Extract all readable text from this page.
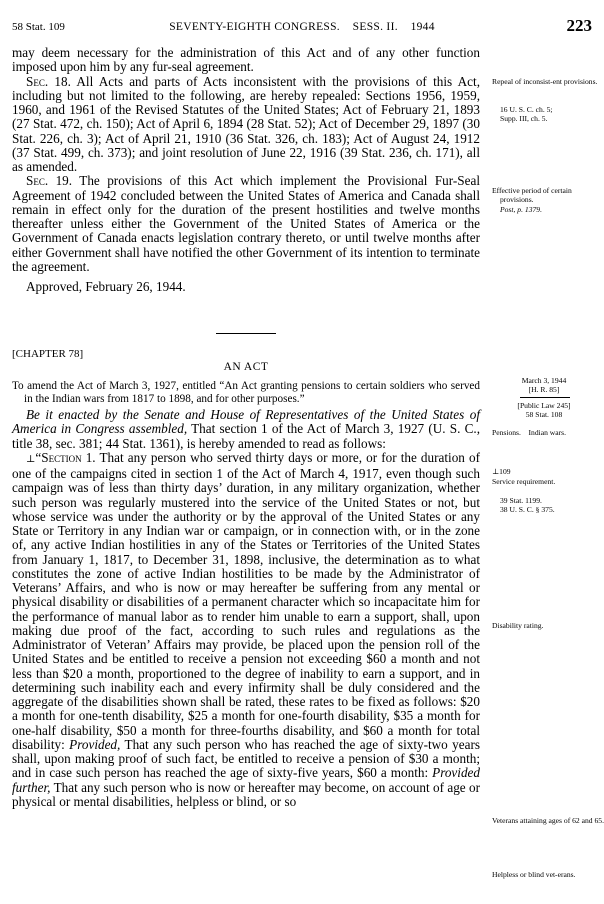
58 Stat. 109	SEVENTY-EIGHTH CONGRESS.    SESS. II.    1944	223

may deem necessary for the administration of this Act and of any other function imposed upon him by any fur-seal agreement.

Sec. 18. All Acts and parts of Acts inconsistent with the provisions of this Act, including but not limited to the following, are hereby repealed: Sections 1956, 1959, 1960, and 1961 of the Revised Statutes of the United States; Act of February 21, 1893 (27 Stat. 472, ch. 150); Act of April 6, 1894 (28 Stat. 52); Act of December 29, 1897 (30 Stat. 226, ch. 3); Act of April 21, 1910 (36 Stat. 326, ch. 183); Act of August 24, 1912 (37 Stat. 499, ch. 373); and joint resolution of June 22, 1916 (39 Stat. 236, ch. 171), all as amended.

Sec. 19. The provisions of this Act which implement the Provisional Fur-Seal Agreement of 1942 concluded between the United States of America and Canada shall remain in effect only for the duration of the present hostilities and twelve months thereafter unless either the Government of the United States of America or the Government of Canada enacts legislation contrary thereto, or until twelve months after either Government shall have notified the other Government of its intention to terminate the agreement.

Approved, February 26, 1944.

[CHAPTER 78]
AN ACT
To amend the Act of March 3, 1927, entitled “An Act granting pensions to certain soldiers who served in the Indian wars from 1817 to 1898, and for other purposes.”

Be it enacted by the Senate and House of Representatives of the United States of America in Congress assembled, That section 1 of the Act of March 3, 1927 (U. S. C., title 38, sec. 381; 44 Stat. 1361), is hereby amended to read as follows:

⊥“Section 1. That any person who served thirty days or more, or for the duration of one of the campaigns cited in section 1 of the Act of March 4, 1917, even though such campaign was of less than thirty days’ duration, in any military organization, whether such person was regularly mustered into the service of the United States or not, but whose service was under the authority or by the approval of the United States or any State or Territory in any Indian war or campaign, or in connection with, or in the zone of, any active Indian hostilities in any of the States or Territories of the United States from January 1, 1817, to December 31, 1898, inclusive, the determination as to what constitutes the zone of active Indian hostilities to be made by the Administrator of Veterans’ Affairs, and who is now or may hereafter be suffering from any mental or physical disability or disabilities of a permanent character which so incapacitate him for the performance of manual labor as to render him unable to earn a support, shall, upon making due proof of the fact, according to such rules and regulations as the Administrator of Veteran’ Affairs may provide, be placed upon the pension roll of the United States and be entitled to receive a pension not exceeding $60 a month and not less than $20 a month, proportioned to the degree of inability to earn a support, and in determining such inability each and every infirmity shall be duly considered and the aggregate of the disabilities shown shall be rated, these rates to be fixed as follows: $20 a month for one-tenth disability, $25 a month for one-fourth disability, $35 a month for one-half disability, $50 a month for three-fourths disability, and $60 a month for total disability: Provided, That any such person who has reached the age of sixty-two years shall, upon making proof of such fact, be entitled to receive a pension of $30 a month; and in case such person has reached the age of sixty-five years, $60 a month: Provided further, That any such person who is now or hereafter may become, on account of age or physical or mental disabilities, helpless or blind, or so

Repeal of inconsist-ent provisions.
16 U. S. C. ch. 5;
Supp. III, ch. 5.
Effective period of certain provisions.
Post, p. 1379.
March 3, 1944
[H. R. 85]
[Public Law 245]
58 Stat. 108
Pensions.    Indian wars.
⊥109
Service requirement.
39 Stat. 1199.
38 U. S. C. § 375.
Disability rating.
Veterans attaining ages of 62 and 65.
Helpless or blind vet-erans.
